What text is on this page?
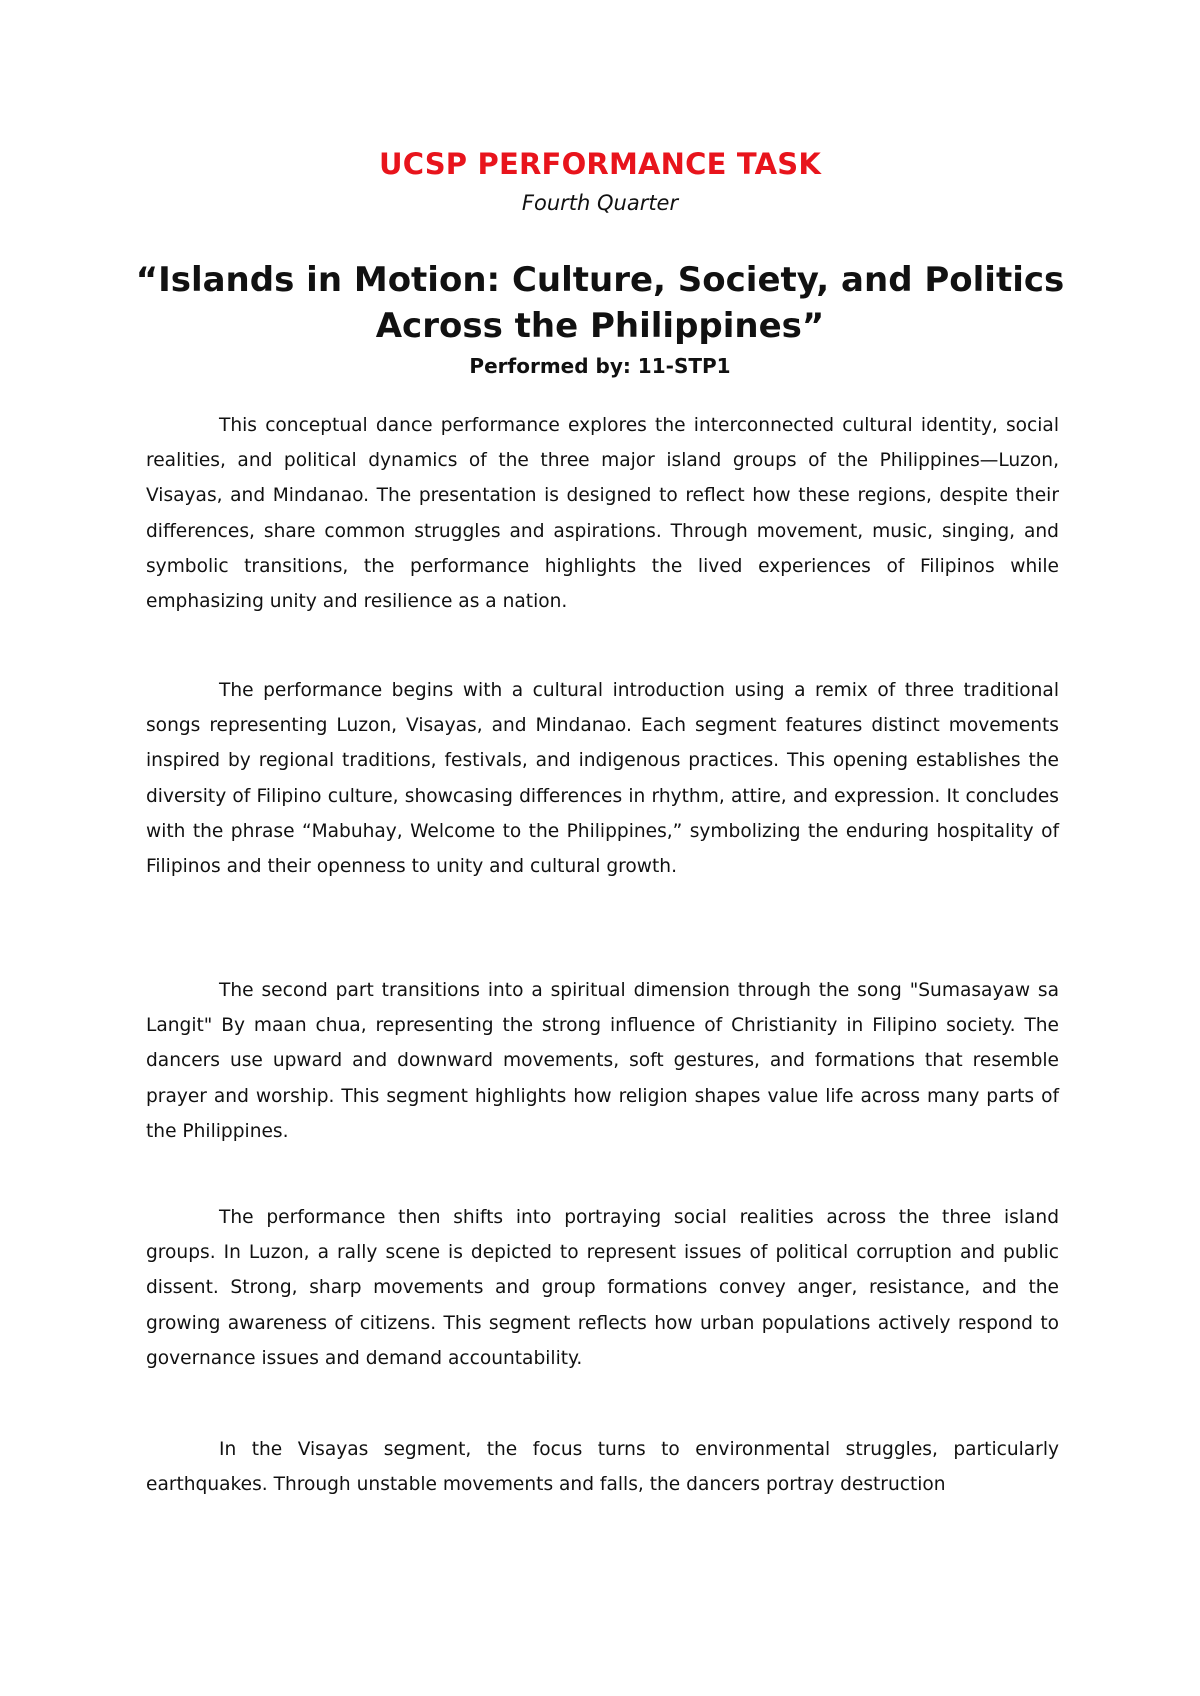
UCSP PERFORMANCE TASK
Fourth Quarter
“Islands in Motion: Culture, Society, and Politics Across the Philippines”
Performed by: 11-STP1

This conceptual dance performance explores the interconnected cultural identity, social realities, and political dynamics of the three major island groups of the Philippines—Luzon, Visayas, and Mindanao. The presentation is designed to reflect how these regions, despite their differences, share common struggles and aspirations. Through movement, music, singing, and symbolic transitions, the performance highlights the lived experiences of Filipinos while emphasizing unity and resilience as a nation.

The performance begins with a cultural introduction using a remix of three traditional songs representing Luzon, Visayas, and Mindanao. Each segment features distinct movements inspired by regional traditions, festivals, and indigenous practices. This opening establishes the diversity of Filipino culture, showcasing differences in rhythm, attire, and expression. It concludes with the phrase “Mabuhay, Welcome to the Philippines,” symbolizing the enduring hospitality of Filipinos and their openness to unity and cultural growth.

The second part transitions into a spiritual dimension through the song "Sumasayaw sa Langit" By maan chua, representing the strong influence of Christianity in Filipino society. The dancers use upward and downward movements, soft gestures, and formations that resemble prayer and worship. This segment highlights how religion shapes value life across many parts of the Philippines.

The performance then shifts into portraying social realities across the three island groups. In Luzon, a rally scene is depicted to represent issues of political corruption and public dissent. Strong, sharp movements and group formations convey anger, resistance, and the growing awareness of citizens. This segment reflects how urban populations actively respond to governance issues and demand accountability.

In the Visayas segment, the focus turns to environmental struggles, particularly earthquakes. Through unstable movements and falls, the dancers portray destruction
